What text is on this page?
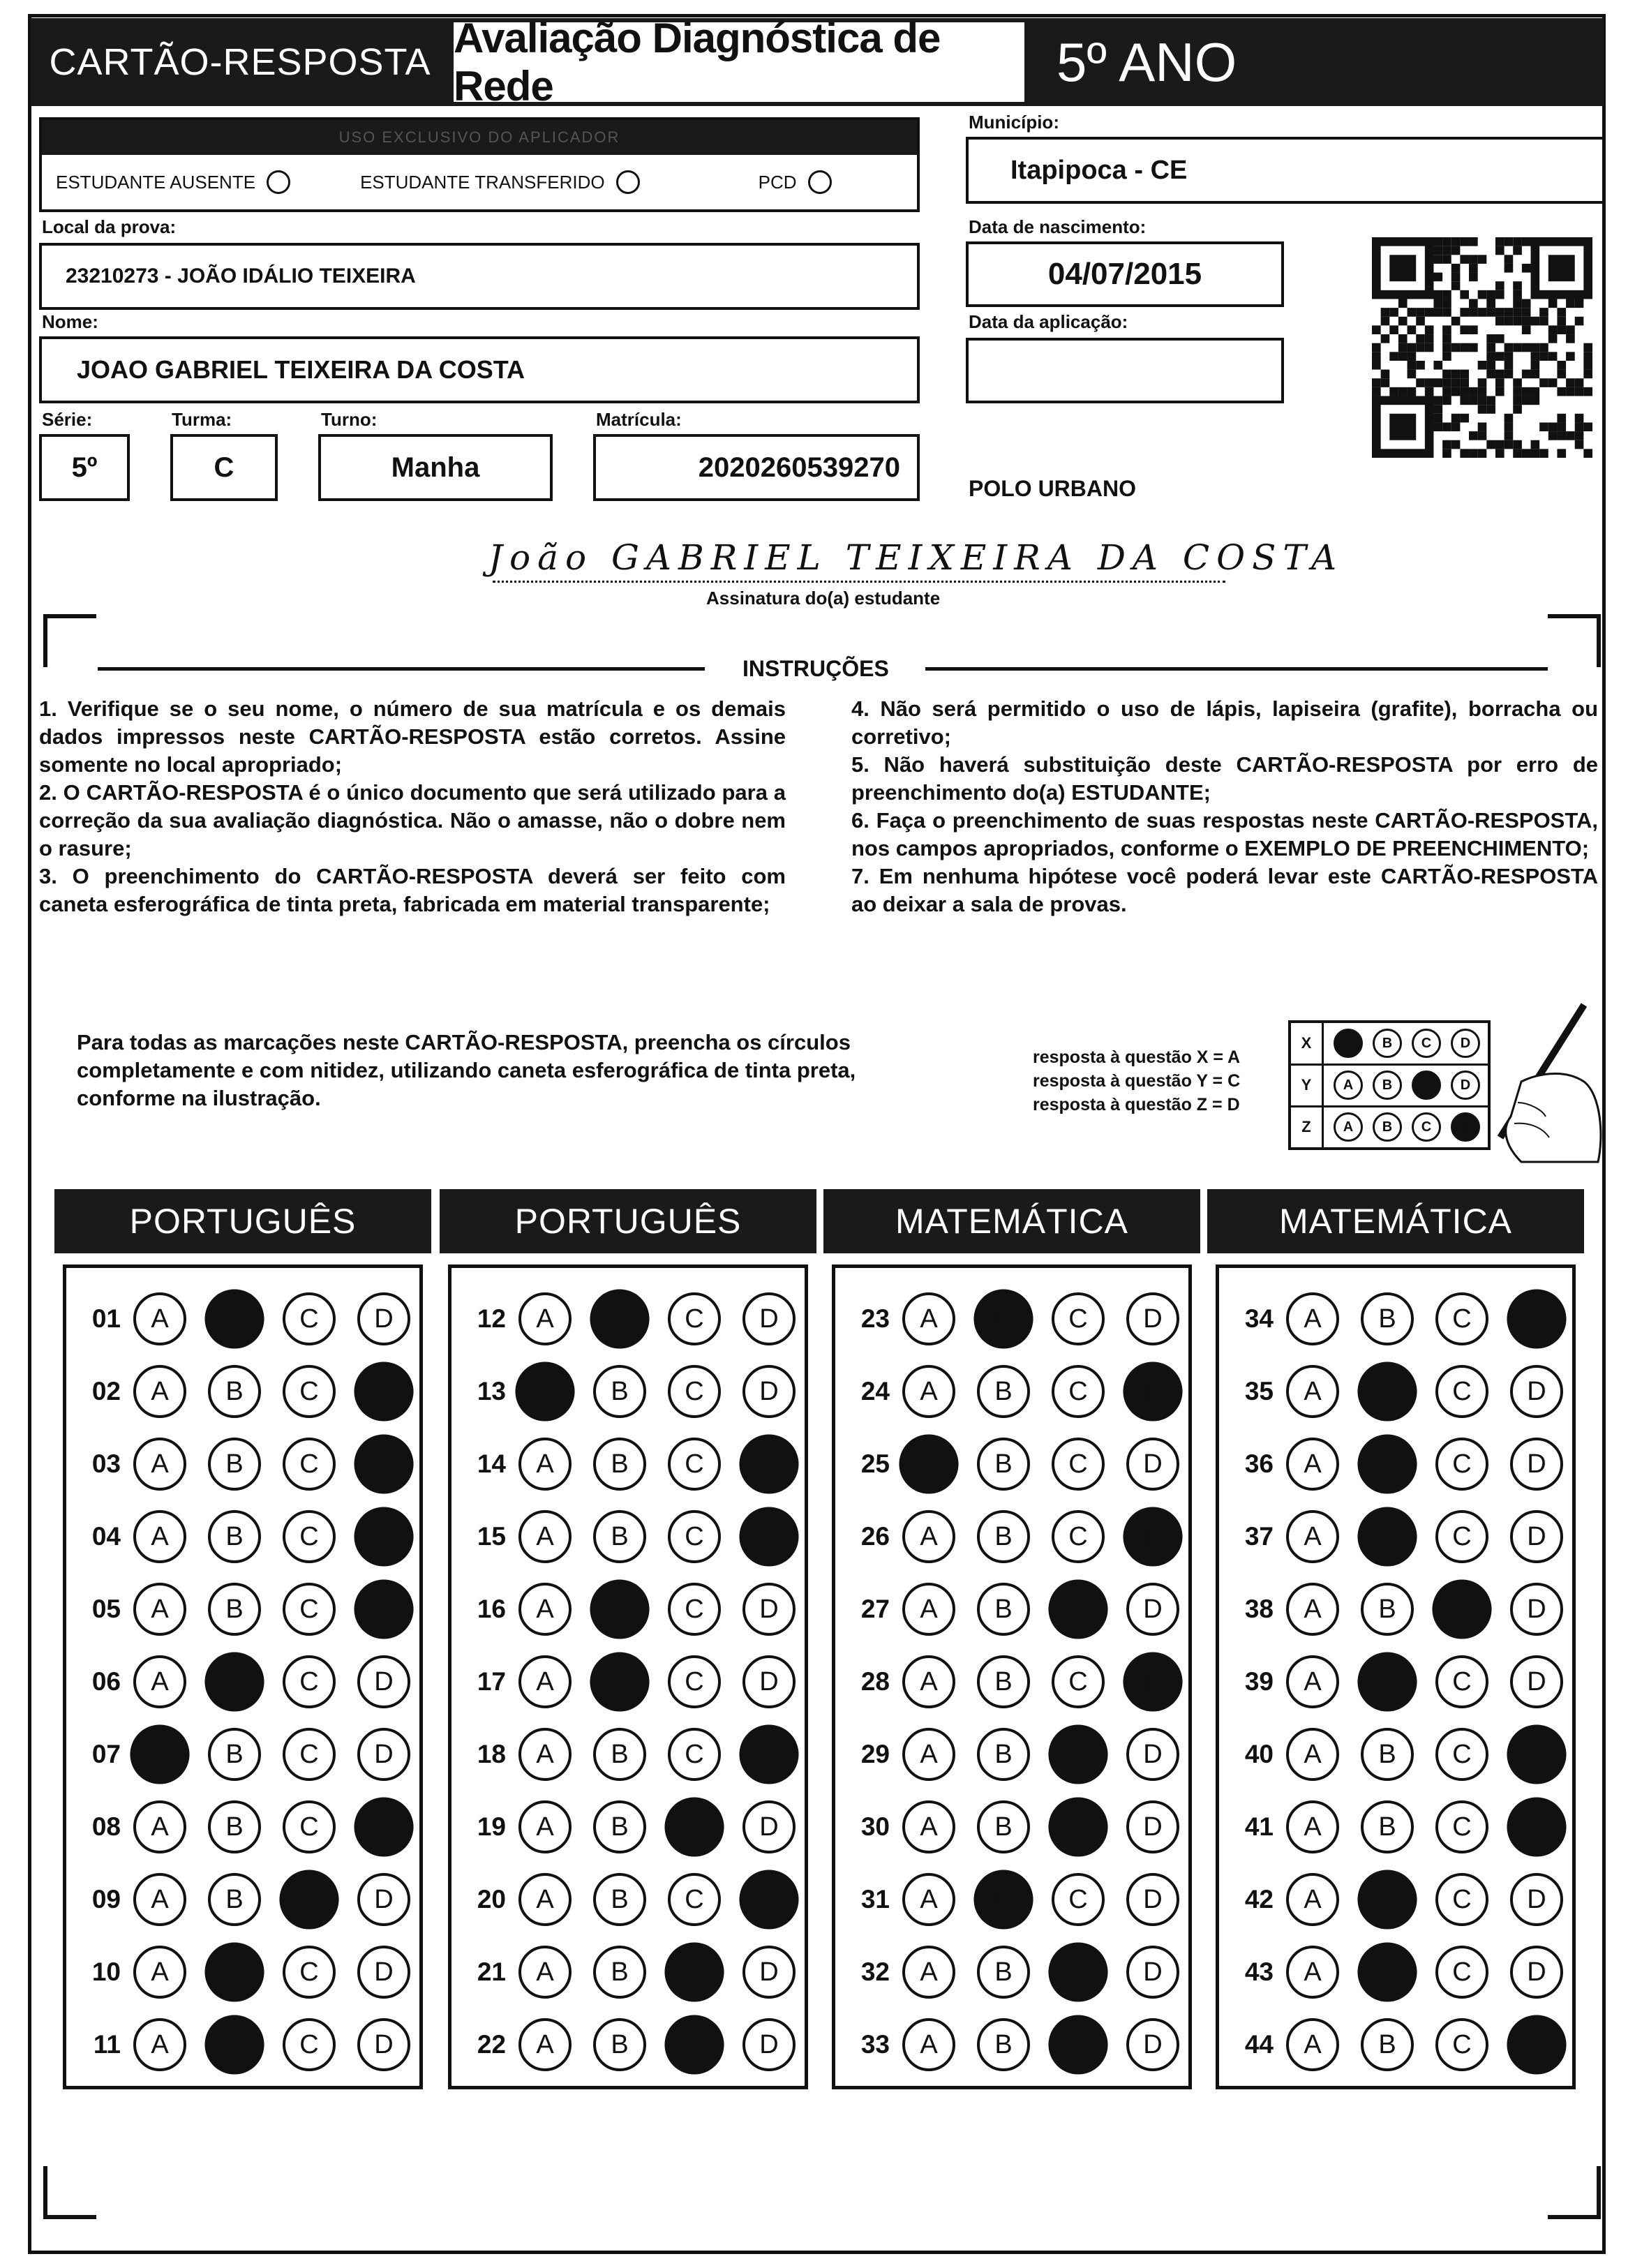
CARTÃO-RESPOSTA
Avaliação Diagnóstica de Rede	5º ANO
USO EXCLUSIVO DO APLICADOR
ESTUDANTE AUSENTE	ESTUDANTE TRANSFERIDO	PCD
Município:
Itapipoca - CE
Local da prova:
23210273 - JOÃO IDÁLIO TEIXEIRA
Data de nascimento:
04/07/2015
Nome:
JOAO GABRIEL TEIXEIRA DA COSTA
Data da aplicação:
Série:
5º
Turma:
C
Turno:
Manha
Matrícula:
2020260539270
POLO URBANO
João GABRIEL TEIXEIRA DA COSTA
Assinatura do(a) estudante
INSTRUÇÕES

1. Verifique se o seu nome, o número de sua matrícula e os demais dados impressos neste CARTÃO-RESPOSTA estão corretos. Assine somente no local apropriado;

2. O CARTÃO-RESPOSTA é o único documento que será utilizado para a correção da sua avaliação diagnóstica. Não o amasse, não o dobre nem o rasure;

3. O preenchimento do CARTÃO-RESPOSTA deverá ser feito com caneta esferográfica de tinta preta, fabricada em material transparente;

4. Não será permitido o uso de lápis, lapiseira (grafite), borracha ou corretivo;

5. Não haverá substituição deste CARTÃO-RESPOSTA por erro de preenchimento do(a) ESTUDANTE;

6. Faça o preenchimento de suas respostas neste CARTÃO-RESPOSTA, nos campos apropriados, conforme o EXEMPLO DE PREENCHIMENTO;

7. Em nenhuma hipótese você poderá levar este CARTÃO-RESPOSTA ao deixar a sala de provas.

Para todas as marcações neste CARTÃO-RESPOSTA, preencha os círculos completamente e com nitidez, utilizando caneta esferográfica de tinta preta, conforme na ilustração.
resposta à questão X = A
resposta à questão Y = C
resposta à questão Z = D
X	A	B	C	D
Y	A	B	C	D
Z	A	B	C	D
PORTUGUÊS
01	A	B	C	D
02	A	B	C	D
03	A	B	C	D
04	A	B	C	D
05	A	B	C	D
06	A	B	C	D
07	A	B	C	D
08	A	B	C	D
09	A	B	C	D
10	A	B	C	D
11	A	B	C	D
PORTUGUÊS
12	A	B	C	D
13	A	B	C	D
14	A	B	C	D
15	A	B	C	D
16	A	B	C	D
17	A	B	C	D
18	A	B	C	D
19	A	B	C	D
20	A	B	C	D
21	A	B	C	D
22	A	B	C	D
MATEMÁTICA
23	A	B	C	D
24	A	B	C	D
25	A	B	C	D
26	A	B	C	D
27	A	B	C	D
28	A	B	C	D
29	A	B	C	D
30	A	B	C	D
31	A	B	C	D
32	A	B	C	D
33	A	B	C	D
MATEMÁTICA
34	A	B	C	D
35	A	B	C	D
36	A	B	C	D
37	A	B	C	D
38	A	B	C	D
39	A	B	C	D
40	A	B	C	D
41	A	B	C	D
42	A	B	C	D
43	A	B	C	D
44	A	B	C	D
